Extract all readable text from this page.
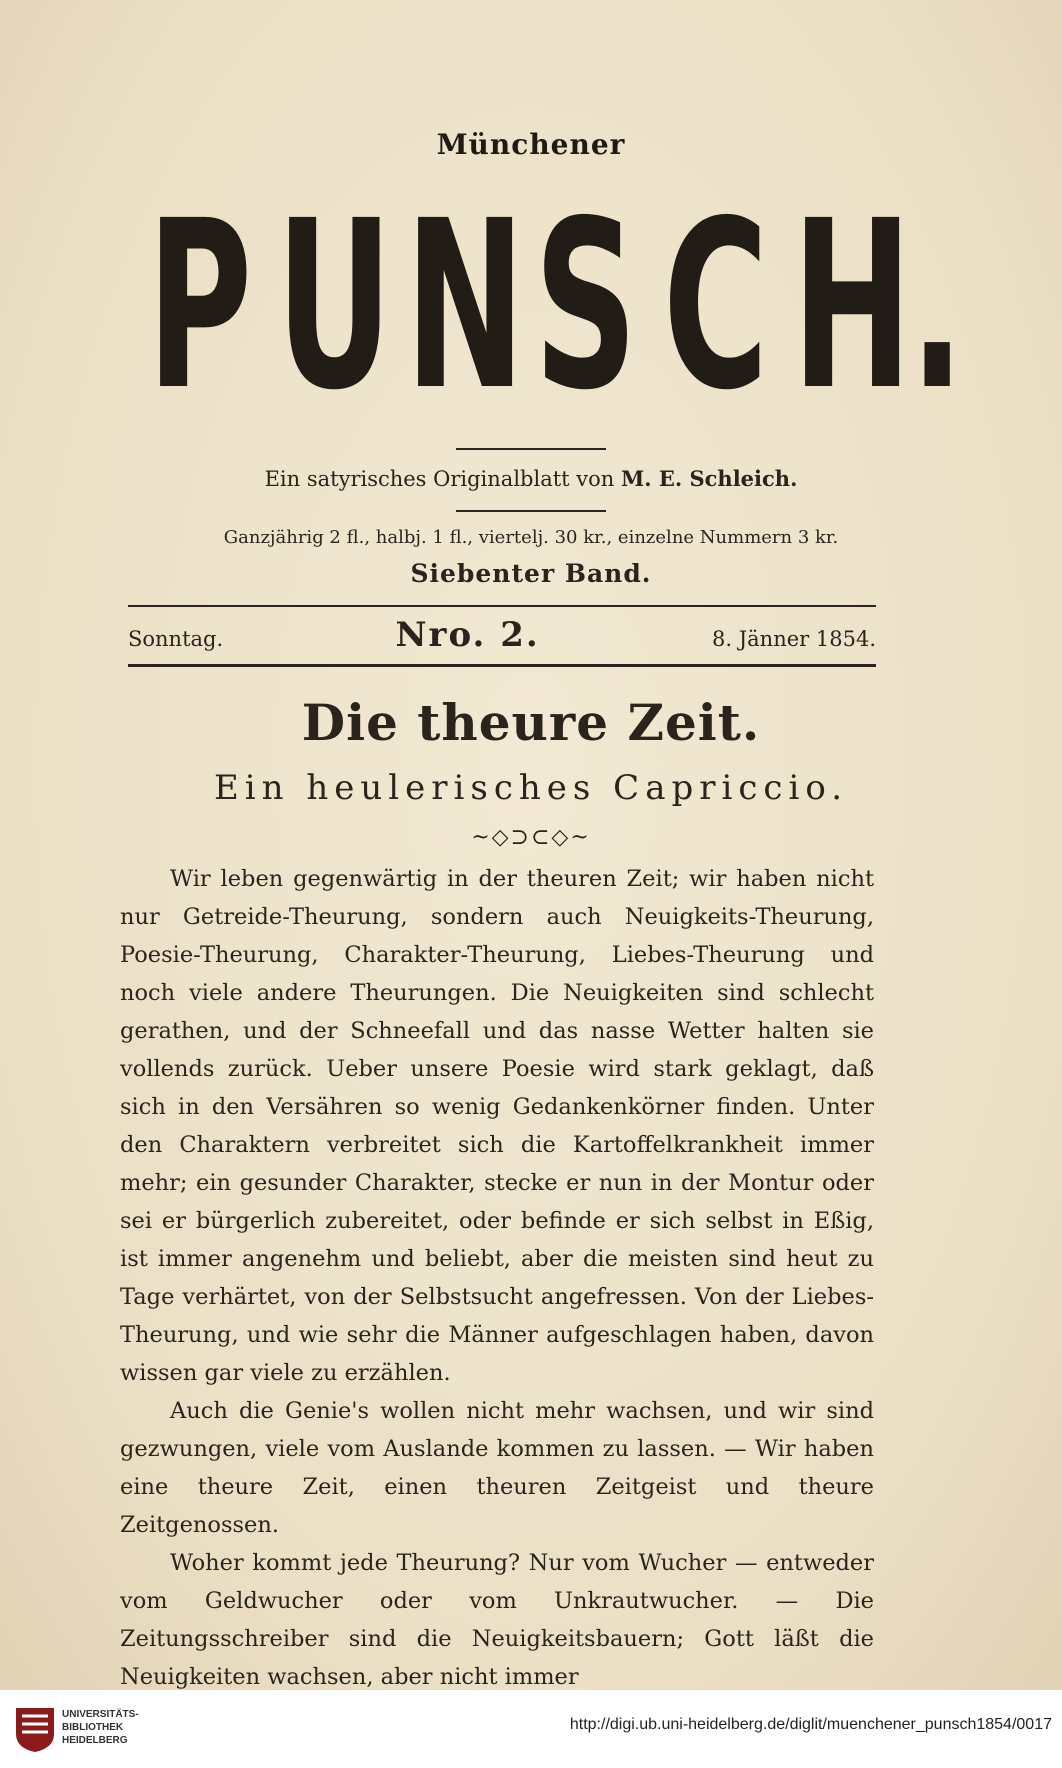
Münchener
P U N S C H.
Ein satyrisches Originalblatt von M. E. Schleich.
Ganzjährig 2 fl., halbj. 1 fl., viertelj. 30 kr., einzelne Nummern 3 kr.
Siebenter Band.
Sonntag.	Nro. 2.	8. Jänner 1854.
Die theure Zeit.
Ein heulerisches Capriccio.
~◇⊃⊂◇~

Wir leben gegenwärtig in der theuren Zeit; wir haben nicht nur Getreide-Theurung, sondern auch Neuigkeits-Theurung, Poesie-Theurung, Charakter-Theurung, Liebes-Theurung und noch viele andere Theurungen. Die Neuigkeiten sind schlecht gerathen, und der Schneefall und das nasse Wetter halten sie vollends zurück. Ueber unsere Poesie wird stark geklagt, daß sich in den Versähren so wenig Gedankenkörner finden. Unter den Charaktern verbreitet sich die Kartoffelkrankheit immer mehr; ein gesunder Charakter, stecke er nun in der Montur oder sei er bürgerlich zubereitet, oder befinde er sich selbst in Eßig, ist immer angenehm und beliebt, aber die meisten sind heut zu Tage verhärtet, von der Selbstsucht angefressen. Von der Liebes-Theurung, und wie sehr die Männer aufgeschlagen haben, davon wissen gar viele zu erzählen.

Auch die Genie's wollen nicht mehr wachsen, und wir sind gezwungen, viele vom Auslande kommen zu lassen. — Wir haben eine theure Zeit, einen theuren Zeitgeist und theure Zeitgenossen.

Woher kommt jede Theurung? Nur vom Wucher — entweder vom Geldwucher oder vom Unkrautwucher. — Die Zeitungsschreiber sind die Neuigkeitsbauern; Gott läßt die Neuigkeiten wachsen, aber nicht immer

UNIVERSITÄTS-
BIBLIOTHEK
HEIDELBERG
http://digi.ub.uni-heidelberg.de/diglit/muenchener_punsch1854/0017
